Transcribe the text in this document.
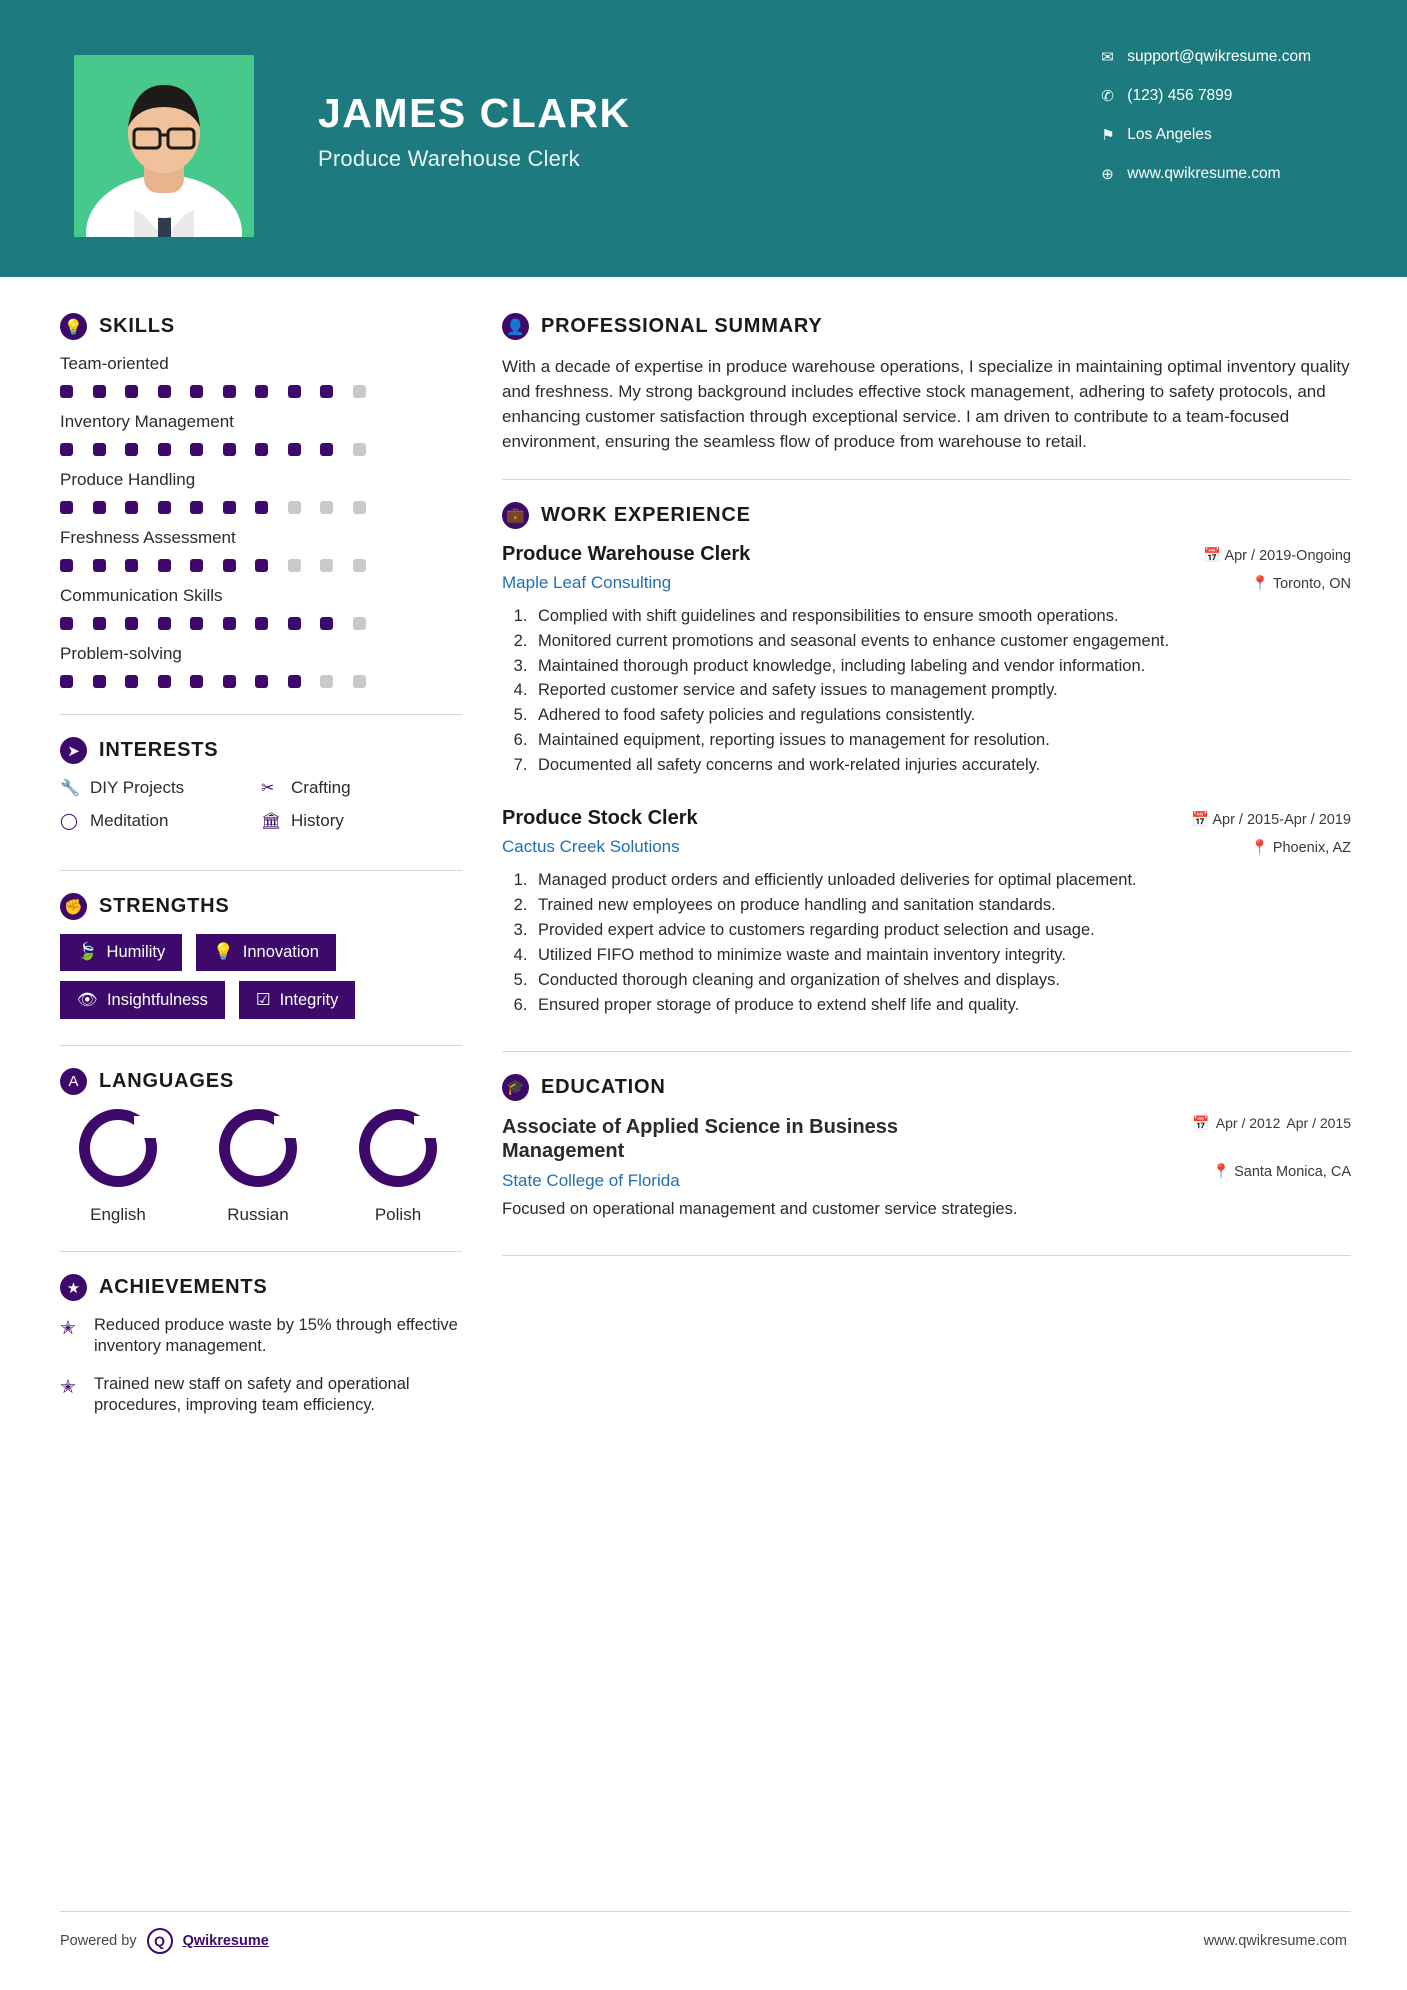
JAMES CLARK
Produce Warehouse Clerk
✉ support@qwikresume.com
✆ (123) 456 7899
⚑ Los Angeles
⊕ www.qwikresume.com
💡 SKILLS
Team-oriented
Inventory Management
Produce Handling
Freshness Assessment
Communication Skills
Problem-solving
➤ INTERESTS
🔧 DIY Projects	✂ Crafting
◯ Meditation	🏛 History
✊ STRENGTHS
🍃 Humility	💡 Innovation
👁 Insightfulness	☑ Integrity
A	LANGUAGES
English	Russian	Polish
★ ACHIEVEMENTS
✭	Reduced produce waste by 15% through effective inventory management.
✭	Trained new staff on safety and operational procedures, improving team efficiency.
👤 PROFESSIONAL SUMMARY
With a decade of expertise in produce warehouse operations, I specialize in maintaining optimal inventory quality and freshness. My strong background includes effective stock management, adhering to safety protocols, and enhancing customer satisfaction through exceptional service. I am driven to contribute to a team-focused environment, ensuring the seamless flow of produce from warehouse to retail.
💼 WORK EXPERIENCE
Produce Warehouse Clerk	📅 Apr / 2019-Ongoing
Maple Leaf Consulting	📍 Toronto, ON
1. Complied with shift guidelines and responsibilities to ensure smooth operations.
2. Monitored current promotions and seasonal events to enhance customer engagement.
3. Maintained thorough product knowledge, including labeling and vendor information.
4. Reported customer service and safety issues to management promptly.
5. Adhered to food safety policies and regulations consistently.
6. Maintained equipment, reporting issues to management for resolution.
7. Documented all safety concerns and work-related injuries accurately.
Produce Stock Clerk	📅 Apr / 2015-Apr / 2019
Cactus Creek Solutions	📍 Phoenix, AZ
1. Managed product orders and efficiently unloaded deliveries for optimal placement.
2. Trained new employees on produce handling and sanitation standards.
3. Provided expert advice to customers regarding product selection and usage.
4. Utilized FIFO method to minimize waste and maintain inventory integrity.
5. Conducted thorough cleaning and organization of shelves and displays.
6. Ensured proper storage of produce to extend shelf life and quality.
🎓 EDUCATION
Associate of Applied Science in Business Management
📅 Apr / 2012 Apr / 2015
State College of Florida	📍 Santa Monica, CA
Focused on operational management and customer service strategies.
Powered by	Q	Qwikresume	www.qwikresume.com
